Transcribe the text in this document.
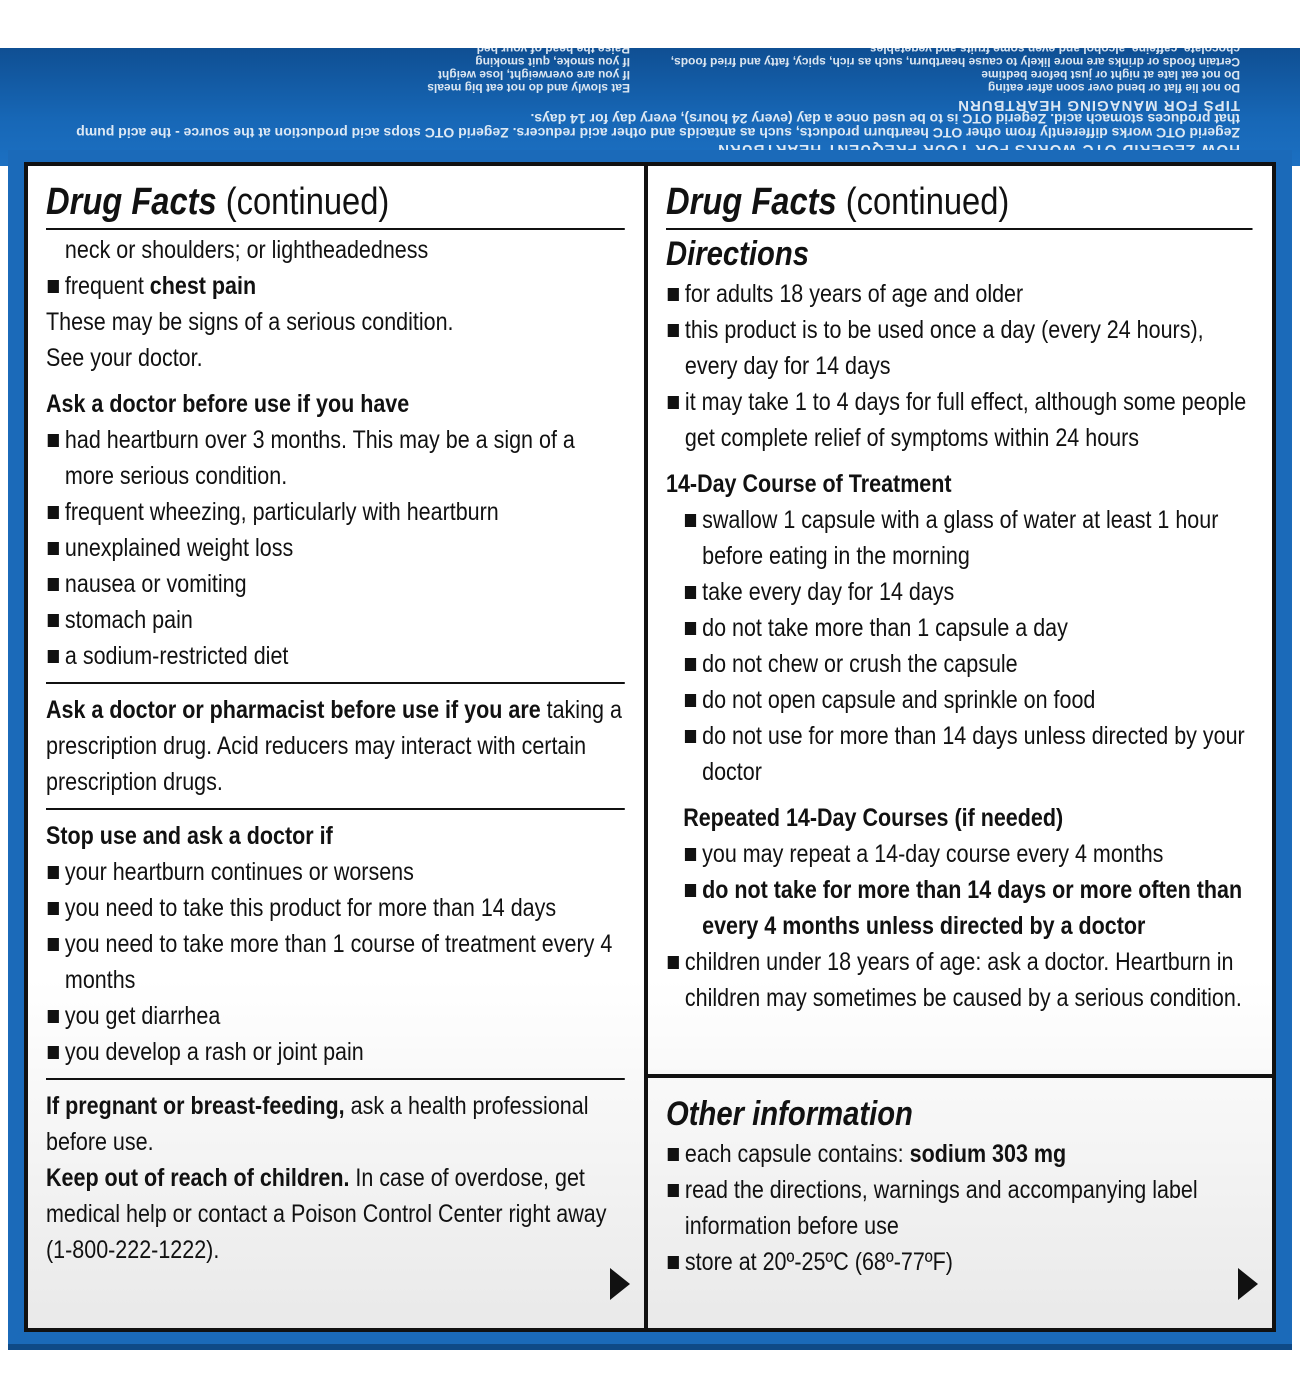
Zegerid OTC works differently from other OTC heartburn products, such as antacids and other acid reducers. Zegerid OTC stops acid production at the source - the acid pump that produces stomach acid. Zegerid OTC is to be used once a day (every 24 hours), every day for 14 days.
TIPS FOR MANAGING HEARTBURN
Do not lie flat or bend over soon after eating
Do not eat late at night or just before bedtime
Certain foods or drinks are more likely to cause heartburn, such as rich, spicy, fatty and fried foods, chocolate, caffeine, alcohol and even some fruits and vegetables
Eat slowly and do not eat big meals
If you are overweight, lose weight
If you smoke, quit smoking
Raise the head of your bed
Wear loose-fitting clothing around your stomach
Drug Facts (continued)
neck or shoulders; or lightheadedness
frequent chest pain
These may be signs of a serious condition.
See your doctor.
Ask a doctor before use if you have
had heartburn over 3 months. This may be a sign of a more serious condition.
frequent wheezing, particularly with heartburn
unexplained weight loss
nausea or vomiting
stomach pain
a sodium-restricted diet
Ask a doctor or pharmacist before use if you are taking a prescription drug. Acid reducers may interact with certain prescription drugs.
Stop use and ask a doctor if
your heartburn continues or worsens
you need to take this product for more than 14 days
you need to take more than 1 course of treatment every 4 months
you get diarrhea
you develop a rash or joint pain
If pregnant or breast-feeding, ask a health professional before use.
Keep out of reach of children. In case of overdose, get medical help or contact a Poison Control Center right away (1-800-222-1222).
Drug Facts (continued)
Directions
for adults 18 years of age and older
this product is to be used once a day (every 24 hours), every day for 14 days
it may take 1 to 4 days for full effect, although some people get complete relief of symptoms within 24 hours
14-Day Course of Treatment
swallow 1 capsule with a glass of water at least 1 hour before eating in the morning
take every day for 14 days
do not take more than 1 capsule a day
do not chew or crush the capsule
do not open capsule and sprinkle on food
do not use for more than 14 days unless directed by your doctor
Repeated 14-Day Courses (if needed)
you may repeat a 14-day course every 4 months
do not take for more than 14 days or more often than every 4 months unless directed by a doctor
children under 18 years of age: ask a doctor. Heartburn in children may sometimes be caused by a serious condition.
Other information
each capsule contains: sodium 303 mg
read the directions, warnings and accompanying label information before use
store at 20º-25ºC (68º-77ºF)
